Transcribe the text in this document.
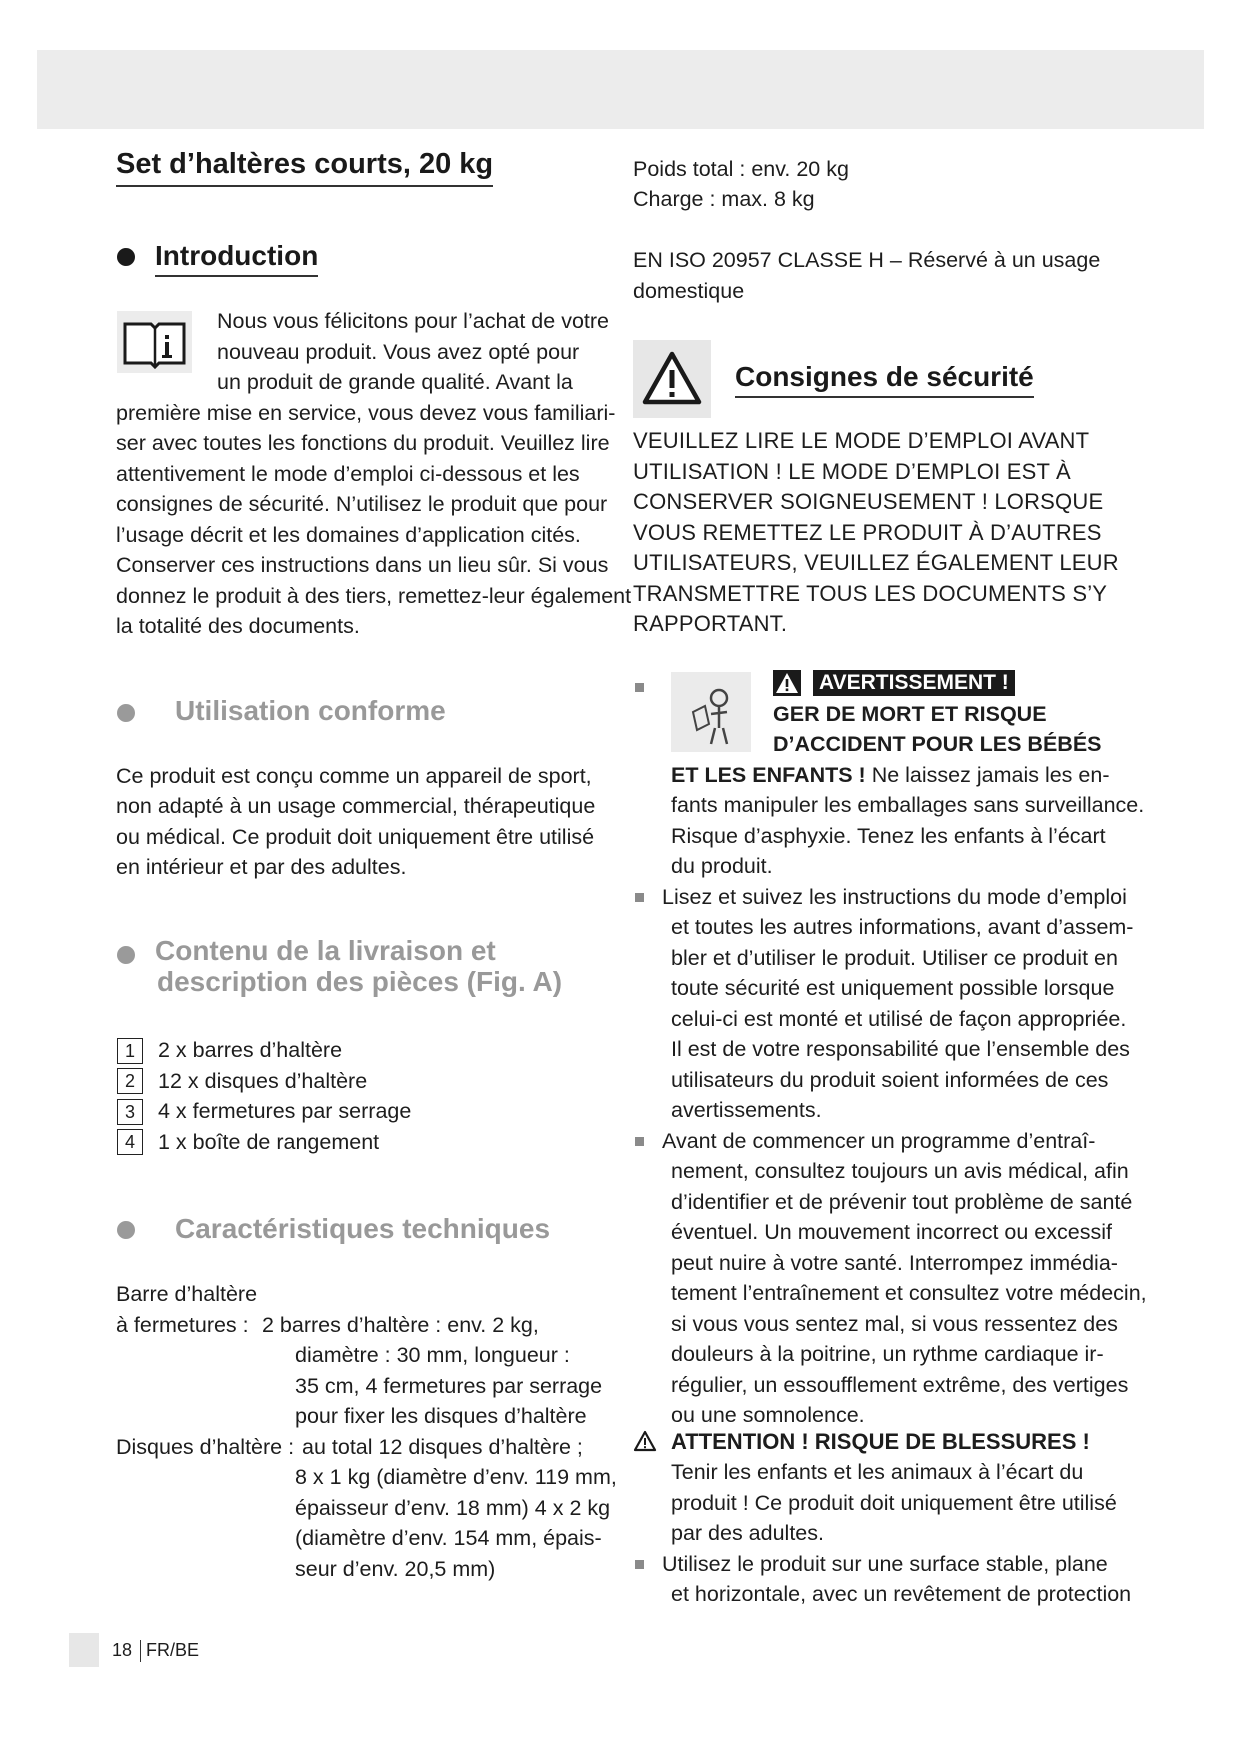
Set d’haltères courts, 20 kg
Introduction
Nous vous félicitons pour l’achat de votre
nouveau produit. Vous avez opté pour
un produit de grande qualité. Avant la
première mise en service, vous devez vous familiari-
ser avec toutes les fonctions du produit. Veuillez lire
attentivement le mode d’emploi ci-dessous et les
consignes de sécurité. N’utilisez le produit que pour
l’usage décrit et les domaines d’application cités.
Conserver ces instructions dans un lieu sûr. Si vous
donnez le produit à des tiers, remettez-leur également
la totalité des documents.
Utilisation conforme
Ce produit est conçu comme un appareil de sport,
non adapté à un usage commercial, thérapeutique
ou médical. Ce produit doit uniquement être utilisé
en intérieur et par des adultes.
Contenu de la livraison et
description des pièces (Fig. A)
1	2 x barres d’haltère
2	12 x disques d’haltère
3	4 x fermetures par serrage
4	1 x boîte de rangement
Caractéristiques techniques
Barre d’haltère
à fermetures : 2 barres d’haltère : env. 2 kg,
diamètre : 30 mm, longueur :
35 cm, 4 fermetures par serrage
pour fixer les disques d’haltère
Disques d’haltère : au total 12 disques d’haltère ;
8 x 1 kg (diamètre d’env. 119 mm,
épaisseur d’env. 18 mm) 4 x 2 kg
(diamètre d’env. 154 mm, épais-
seur d’env. 20,5 mm)
18 FR/BE
Poids total : env. 20 kg
Charge : max. 8 kg
EN ISO 20957 CLASSE H – Réservé à un usage
domestique
Consignes de sécurité
VEUILLEZ LIRE LE MODE D’EMPLOI AVANT
UTILISATION ! LE MODE D’EMPLOI EST À
CONSERVER SOIGNEUSEMENT ! LORSQUE
VOUS REMETTEZ LE PRODUIT À D’AUTRES
UTILISATEURS, VEUILLEZ ÉGALEMENT LEUR
TRANSMETTRE TOUS LES DOCUMENTS S’Y
RAPPORTANT.
AVERTISSEMENT !
GER DE MORT ET RISQUE
D’ACCIDENT POUR LES BÉBÉS
ET LES ENFANTS ! Ne laissez jamais les en-
fants manipuler les emballages sans surveillance.
Risque d’asphyxie. Tenez les enfants à l’écart
du produit.
Lisez et suivez les instructions du mode d’emploi
et toutes les autres informations, avant d’assem-
bler et d’utiliser le produit. Utiliser ce produit en
toute sécurité est uniquement possible lorsque
celui-ci est monté et utilisé de façon appropriée.
Il est de votre responsabilité que l’ensemble des
utilisateurs du produit soient informées de ces
avertissements.
Avant de commencer un programme d’entraî-
nement, consultez toujours un avis médical, afin
d’identifier et de prévenir tout problème de santé
éventuel. Un mouvement incorrect ou excessif
peut nuire à votre santé. Interrompez immédia-
tement l’entraînement et consultez votre médecin,
si vous vous sentez mal, si vous ressentez des
douleurs à la poitrine, un rythme cardiaque ir-
régulier, un essoufflement extrême, des vertiges
ou une somnolence.
ATTENTION ! RISQUE DE BLESSURES !
Tenir les enfants et les animaux à l’écart du
produit ! Ce produit doit uniquement être utilisé
par des adultes.
Utilisez le produit sur une surface stable, plane
et horizontale, avec un revêtement de protection
